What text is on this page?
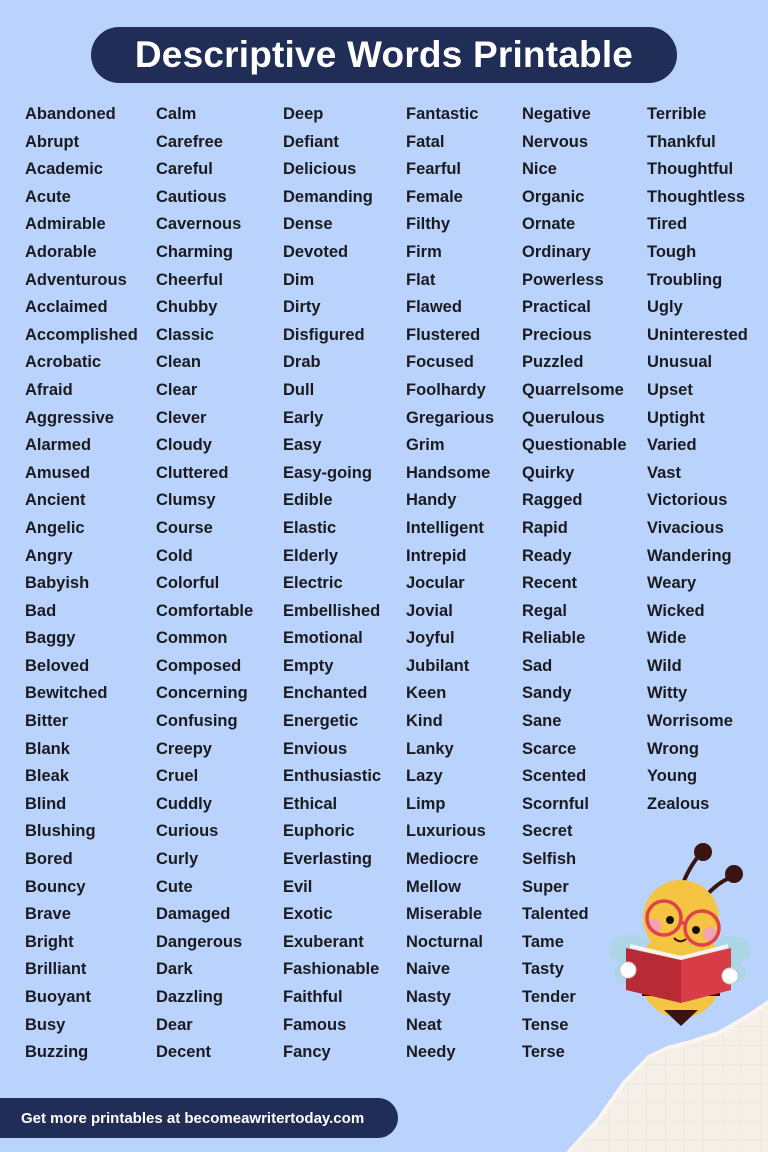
Descriptive Words Printable
Abandoned
Abrupt
Academic
Acute
Admirable
Adorable
Adventurous
Acclaimed
Accomplished
Acrobatic
Afraid
Aggressive
Alarmed
Amused
Ancient
Angelic
Angry
Babyish
Bad
Baggy
Beloved
Bewitched
Bitter
Blank
Bleak
Blind
Blushing
Bored
Bouncy
Brave
Bright
Brilliant
Buoyant
Busy
Buzzing
Calm
Carefree
Careful
Cautious
Cavernous
Charming
Cheerful
Chubby
Classic
Clean
Clear
Clever
Cloudy
Cluttered
Clumsy
Course
Cold
Colorful
Comfortable
Common
Composed
Concerning
Confusing
Creepy
Cruel
Cuddly
Curious
Curly
Cute
Damaged
Dangerous
Dark
Dazzling
Dear
Decent
Deep
Defiant
Delicious
Demanding
Dense
Devoted
Dim
Dirty
Disfigured
Drab
Dull
Early
Easy
Easy-going
Edible
Elastic
Elderly
Electric
Embellished
Emotional
Empty
Enchanted
Energetic
Envious
Enthusiastic
Ethical
Euphoric
Everlasting
Evil
Exotic
Exuberant
Fashionable
Faithful
Famous
Fancy
Fantastic
Fatal
Fearful
Female
Filthy
Firm
Flat
Flawed
Flustered
Focused
Foolhardy
Gregarious
Grim
Handsome
Handy
Intelligent
Intrepid
Jocular
Jovial
Joyful
Jubilant
Keen
Kind
Lanky
Lazy
Limp
Luxurious
Mediocre
Mellow
Miserable
Nocturnal
Naive
Nasty
Neat
Needy
Negative
Nervous
Nice
Organic
Ornate
Ordinary
Powerless
Practical
Precious
Puzzled
Quarrelsome
Querulous
Questionable
Quirky
Ragged
Rapid
Ready
Recent
Regal
Reliable
Sad
Sandy
Sane
Scarce
Scented
Scornful
Secret
Selfish
Super
Talented
Tame
Tasty
Tender
Tense
Terse
Terrible
Thankful
Thoughtful
Thoughtless
Tired
Tough
Troubling
Ugly
Uninterested
Unusual
Upset
Uptight
Varied
Vast
Victorious
Vivacious
Wandering
Weary
Wicked
Wide
Wild
Witty
Worrisome
Wrong
Young
Zealous
Get more printables at becomeawritertoday.com
